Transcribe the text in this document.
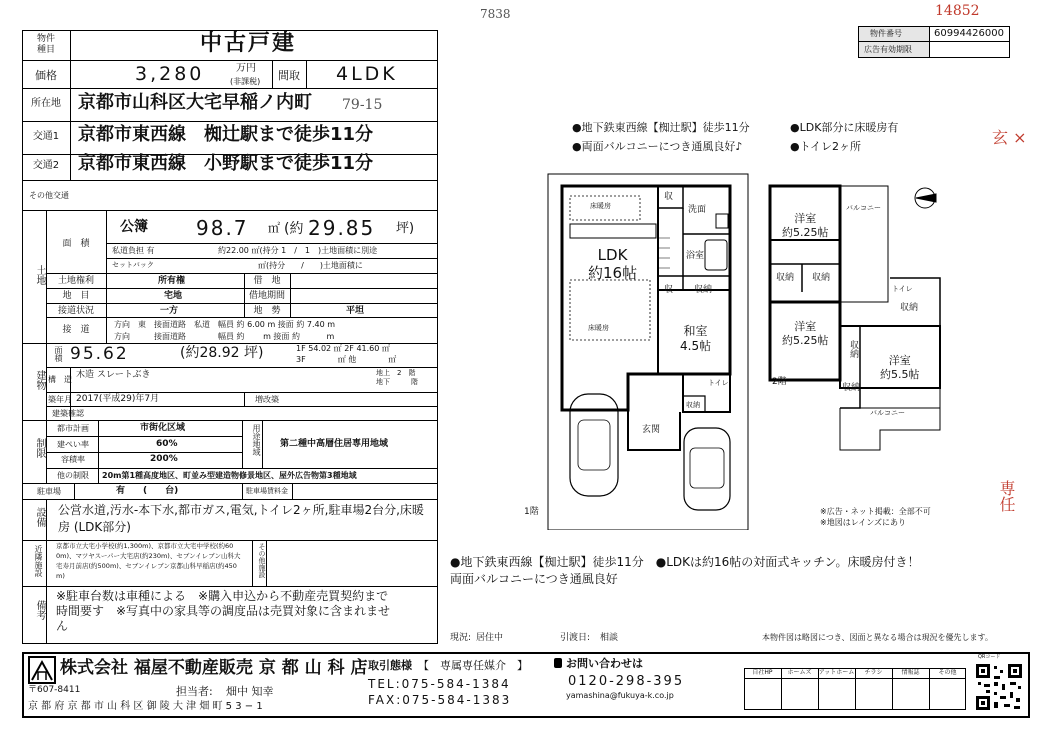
7838	14852
玄 ×
専任
物件
種目	中古戸建
価格	3,280	万円
(非課税)	間取	4LDK
所在地 京都市山科区大宅早稲ノ内町 79-15
交通1	京都市東西線　椥辻駅まで徒歩11分
交通2	京都市東西線　小野駅まで徒歩11分
その他交通
土地
面　積
公簿 98.7 ㎡ (約 29.85 坪)
私道負担 有	約22.00 ㎡(持分 1　/　1　)土地面積に別途
セットバック	㎡(持分　　/　　)土地面積に
土地権利	所有権	借　地
地　目	宅地	借地期間
接道状況	一方	地　勢	平坦
接　道
方向　東　接面道路　私道　幅員 約 6.00 m 接面 約 7.40 m
方向　　　接面道路　　　　幅員 約　　 m 接面 約　　　 m
建物
面積 95.62	(約28.92 坪)	1F 54.02 ㎡ 2F 41.60 ㎡
3F　　　　㎡ 他　　　　㎡
構　造 木造 スレートぶき	地上　2　階
地下　　　階
築年月 2017(平成29)年7月	増改築
建築確認
制限
都市計画	市街化区域
建ぺい率	60%
容積率	200%
用途地域 第二種中高層住居専用地域
他の制限	20m第1種高度地区、町並み型建造物修景地区、屋外広告物第3種地域
駐車場	有　　(　　台)	駐車場賃料金
設備 公営水道,汚水-本下水,都市ガス,電気,トイレ2ヶ所,駐車場2台分,床暖房 (LDK部分)
近隣施設 京都市立大宅小学校(約1,300m)、京都市立大宅中学校(約60
0m)、マツヤスーパー大宅店(約230m)、セブンイレブン山科大
宅寿月前店(約500m)、セブンイレブン京都山科早稲店(約450
m)	その他施設
備考
※駐車台数は車種による　※購入申込から不動産売買契約まで
時間要す　※写真中の家具等の調度品は売買対象に含まれませ
ん
物件番号	60994426000
広告有効期限
●地下鉄東西線【椥辻駅】徒歩11分	●LDK部分に床暖房有
●両面バルコニーにつき通風良好♪	●トイレ2ヶ所
LDK
約16帖
床暖房
床暖房
収
洗面
浴室
収 収納
和室
4.5帖
トイレ
収納
玄関
1階
洋室
約5.25帖
バルコニー
収納 収納
トイレ
収納
洋室
約5.25帖 収納
洋室
約5.5帖
収納
2階
バルコニー
※広告・ネット掲載：全部不可
※地図はレインズにあり
●地下鉄東西線【椥辻駅】徒歩11分　●LDKは約16帖の対面式キッチン。床暖房付き！
両面バルコニーにつき通風良好
現況: 居住中	引渡日: 相談	本物件図は略図につき、図面と異なる場合は現況を優先します。
株式会社 福屋不動産販売 京 都 山 科 店
〒607-8411	担当者: 畑中 知幸
京 都 府 京 都 市 山 科 区 御 陵 大 津 畑 町 5 3 − 1
取引態様 【　専属専任媒介　】
TEL:075-584-1384
FAX:075-584-1383
お問い合わせは
0120-298-395
yamashina@fukuya-k.co.jp
自社HP	ホームズ	アットホーム	チラシ	情報誌	その他
QRコード
